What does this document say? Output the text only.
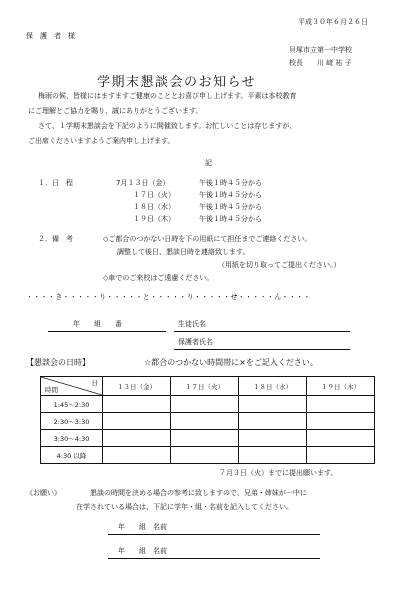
平成３０年６月２６日
保　護　者　様
貝塚市立第一中学校
校長　　川 﨑 祐 子
学期末懇談会のお知らせ
梅雨の候、皆様にはますますご健康のこととお喜び申し上げます。平素は本校教育
にご理解とご協力を賜り、誠にありがとうございます。
さて、１学期末懇談会を下記のように開催致します。お忙しいことは存じますが、
ご出席くださいますようご案内申し上げます。
記
１．日　程	7月１３日（金）	午後１時４５分から
１７日（火）	午後１時４５分から
１８日（水）	午後１時４５分から
１９日（木）	午後１時４５分から
２．備　考	◇ご都合のつかない日時を下の用紙にて担任までご連絡ください。
調整して後日、懇談日時を連絡致します。
（用紙を切り取ってご提出ください。）
◇車でのご来校はご遠慮ください。
・・・・き・・・・・り・・・・・と・・・・・り・・・・・せ・・・・・ん・・・・
年　　組　　番	生徒氏名
保護者氏名
【懇談会の日時】	☆都合のつかない時間帯に×をご記入ください。
日
時間	１３日（金）	１７日（火）	１８日（水）	１９日（木）
1:45〜2:30				
2:30〜3:30				
3:30〜4:30				
4:30 以降				
７月３日（火）までに提出願います。
《お願い》	懇談の時間を決める場合の参考に致しますので、兄弟・姉妹が一中に
在学されている場合は、下記に学年・組・名前を記入してください。
年　　組　名前
年　　組　名前
